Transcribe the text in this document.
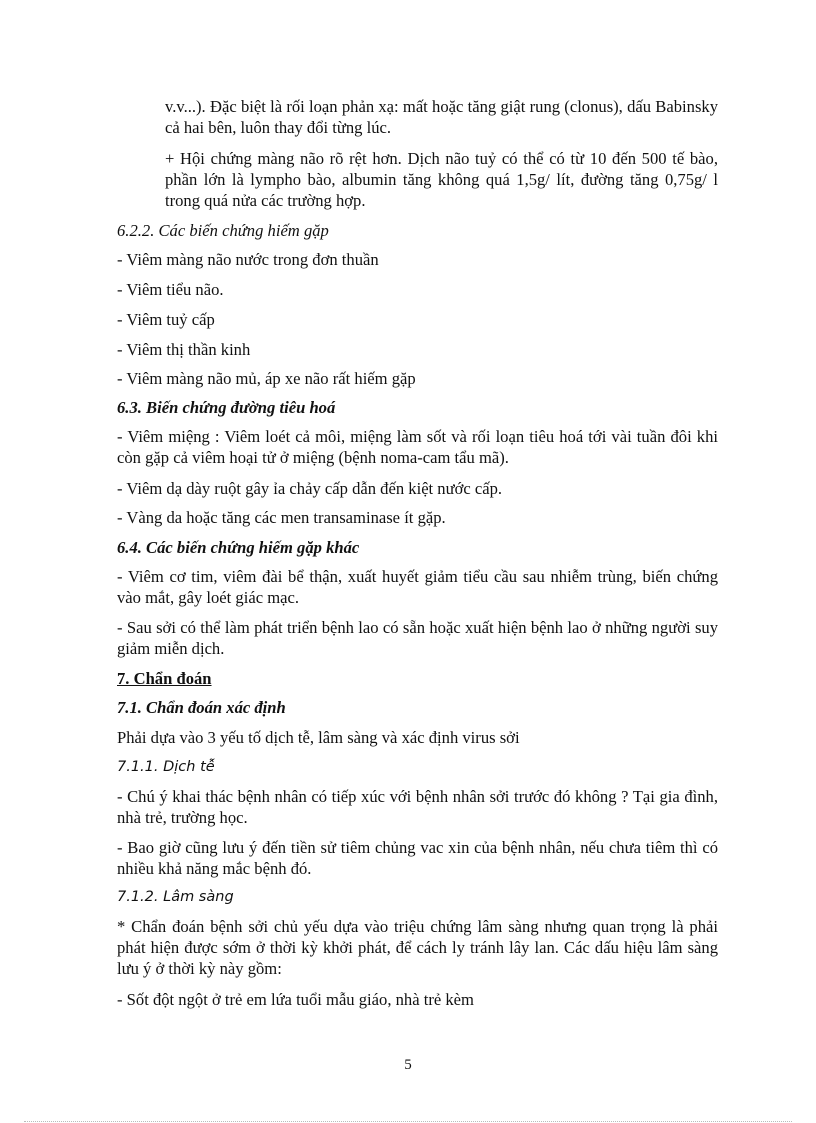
v.v...). Đặc biệt là rối loạn phản xạ: mất hoặc tăng giật rung (clonus), dấu Babinsky cả hai bên, luôn thay đổi từng lúc.

+ Hội chứng màng não rõ rệt hơn. Dịch não tuỷ có thể có từ 10 đến 500 tế bào, phần lớn là lympho bào, albumin tăng không quá 1,5g/ lít, đường tăng 0,75g/ l trong quá nửa các trường hợp.

6.2.2. Các biến chứng hiếm gặp

- Viêm màng não nước trong đơn thuần

- Viêm tiểu não.

- Viêm tuỷ cấp

- Viêm thị thần kinh

- Viêm màng não mủ, áp xe não rất hiếm gặp

6.3. Biến chứng đường tiêu hoá

- Viêm miệng : Viêm loét cả môi, miệng làm sốt và rối loạn tiêu hoá tới vài tuần đôi khi còn gặp cả viêm hoại tử ở miệng (bệnh noma-cam tẩu mã).

- Viêm dạ dày ruột gây ỉa chảy cấp dẫn đến kiệt nước cấp.

- Vàng da hoặc tăng các men transaminase ít gặp.

6.4. Các biến chứng hiếm gặp khác

- Viêm cơ tim, viêm đài bể thận, xuất huyết giảm tiểu cầu sau nhiễm trùng, biến chứng vào mắt, gây loét giác mạc.

- Sau sởi có thể làm phát triển bệnh lao có sẵn hoặc xuất hiện bệnh lao ở những người suy giảm miễn dịch.

7. Chẩn đoán

7.1. Chẩn đoán xác định

Phải dựa vào 3 yếu tố dịch tễ, lâm sàng và xác định virus sởi

7.1.1. Dịch tễ

- Chú ý khai thác bệnh nhân có tiếp xúc với bệnh nhân sởi trước đó không ? Tại gia đình, nhà trẻ, trường học.

- Bao giờ cũng lưu ý đến tiền sử tiêm chủng vac xin của bệnh nhân, nếu chưa tiêm thì có nhiều khả năng mắc bệnh đó.

7.1.2. Lâm sàng

* Chẩn đoán bệnh sởi chủ yếu dựa vào triệu chứng lâm sàng nhưng quan trọng là phải phát hiện được sớm ở thời kỳ khởi phát, để cách ly tránh lây lan. Các dấu hiệu lâm sàng lưu ý ở thời kỳ này gồm:

- Sốt đột ngột ở trẻ em lứa tuổi mẫu giáo, nhà trẻ kèm

5
